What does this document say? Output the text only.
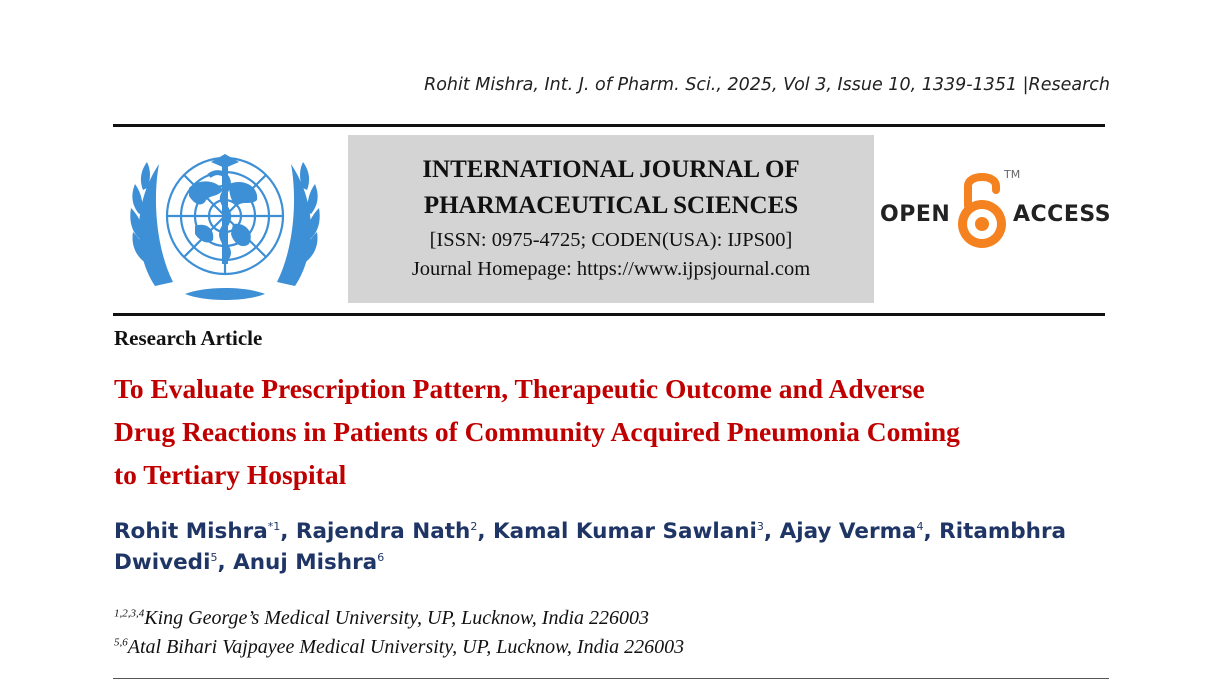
Rohit Mishra, Int. J. of Pharm. Sci., 2025, Vol 3, Issue 10, 1339-1351 |Research
INTERNATIONAL JOURNAL OF
PHARMACEUTICAL SCIENCES
[ISSN: 0975-4725; CODEN(USA): IJPS00]
Journal Homepage: https://www.ijpsjournal.com
OPEN	ACCESS
TM
Research Article
To Evaluate Prescription Pattern, Therapeutic Outcome and Adverse
Drug Reactions in Patients of Community Acquired Pneumonia Coming
to Tertiary Hospital
Rohit Mishra$^{*1}$, Rajendra Nath$^2$, Kamal Kumar Sawlani$^3$, Ajay Verma$^4$, Ritambhra Dwivedi$^5$, Anuj Mishra$^6$
$^{1,2,3,4}$King George’s Medical University, UP, Lucknow, India 226003
$^{5,6}$Atal Bihari Vajpayee Medical University, UP, Lucknow, India 226003
